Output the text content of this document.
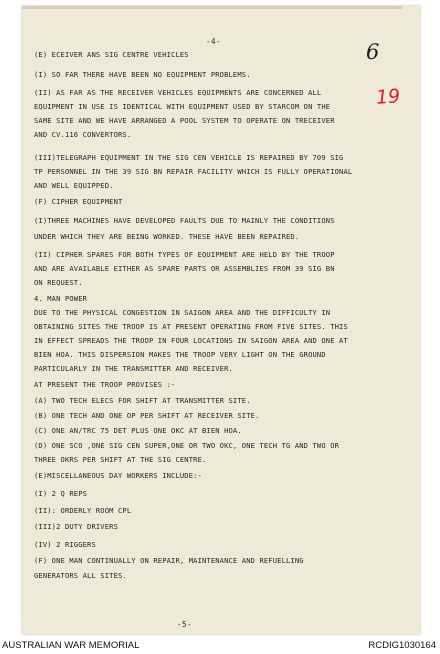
-4-	6
19
(E) ECEIVER ANS SIG CENTRE VEHICLES
(I) SO FAR THERE HAVE BEEN NO EQUIPMENT PROBLEMS.
(II) AS FAR AS THE RECEIVER VEHICLES EQUIPMENTS ARE CONCERNED ALL
EQUIPMENT IN USE IS IDENTICAL WITH EQUIPMENT USED BY STARCOM ON THE
SAME SITE AND WE HAVE ARRANGED A POOL SYSTEM TO OPERATE ON TRECEIVER
AND CV.116 CONVERTORS.
(III)TELEGRAPH EQUIPMENT IN THE SIG CEN VEHICLE IS REPAIRED BY 709 SIG
TP PERSONNEL IN THE 39 SIG BN REPAIR FACILITY WHICH IS FULLY OPERATIONAL
AND WELL EQUIPPED.
(F) CIPHER EQUIPMENT
(I)THREE MACHINES HAVE DEVELOPED FAULTS DUE TO MAINLY THE CONDITIONS
UNDER WHICH THEY ARE BEING WORKED. THESE HAVE BEEN REPAIRED.
(II) CIPHER SPARES FOR BOTH TYPES OF EQUIPMENT ARE HELD BY THE TROOP
AND ARE AVAILABLE EITHER AS SPARE PARTS OR ASSEMBLIES FROM 39 SIG BN
ON REQUEST.
4. MAN POWER
DUE TO THE PHYSICAL CONGESTION IN SAIGON AREA AND THE DIFFICULTY IN
OBTAINING SITES THE TROOP IS AT PRESENT OPERATING FROM FIVE SITES. THIS
IN EFFECT SPREADS THE TROOP IN FOUR LOCATIONS IN SAIGON AREA AND ONE AT
BIEN HOA. THIS DISPERSION MAKES THE TROOP VERY LIGHT ON THE GROUND
PARTICULARLY IN THE TRANSMITTER AND RECEIVER.
AT PRESENT THE TROOP PROVISES :-
(A) TWO TECH ELECS FOR SHIFT AT TRANSMITTER SITE.
(B) ONE TECH AND ONE OP PER SHIFT AT RECEIVER SITE.
(C) ONE AN/TRC 75 DET PLUS ONE OKC AT BIEN HOA.
(D) ONE SCO ,ONE SIG CEN SUPER,ONE OR TWO OKC, ONE TECH TG AND TWO OR
THREE OKRS PER SHIFT AT THE SIG CENTRE.
(E)MISCELLANEOUS DAY WORKERS INCLUDE:-
(I) 2 Q REPS
(II): ORDERLY ROOM CPL
(III)2 DUTY DRIVERS
(IV) 2 RIGGERS
(F) ONE MAN CONTINUALLY ON REPAIR, MAINTENANCE AND REFUELLING
GENERATORS ALL SITES.
-5-
AUSTRALIAN WAR MEMORIAL	RCDIG1030164
